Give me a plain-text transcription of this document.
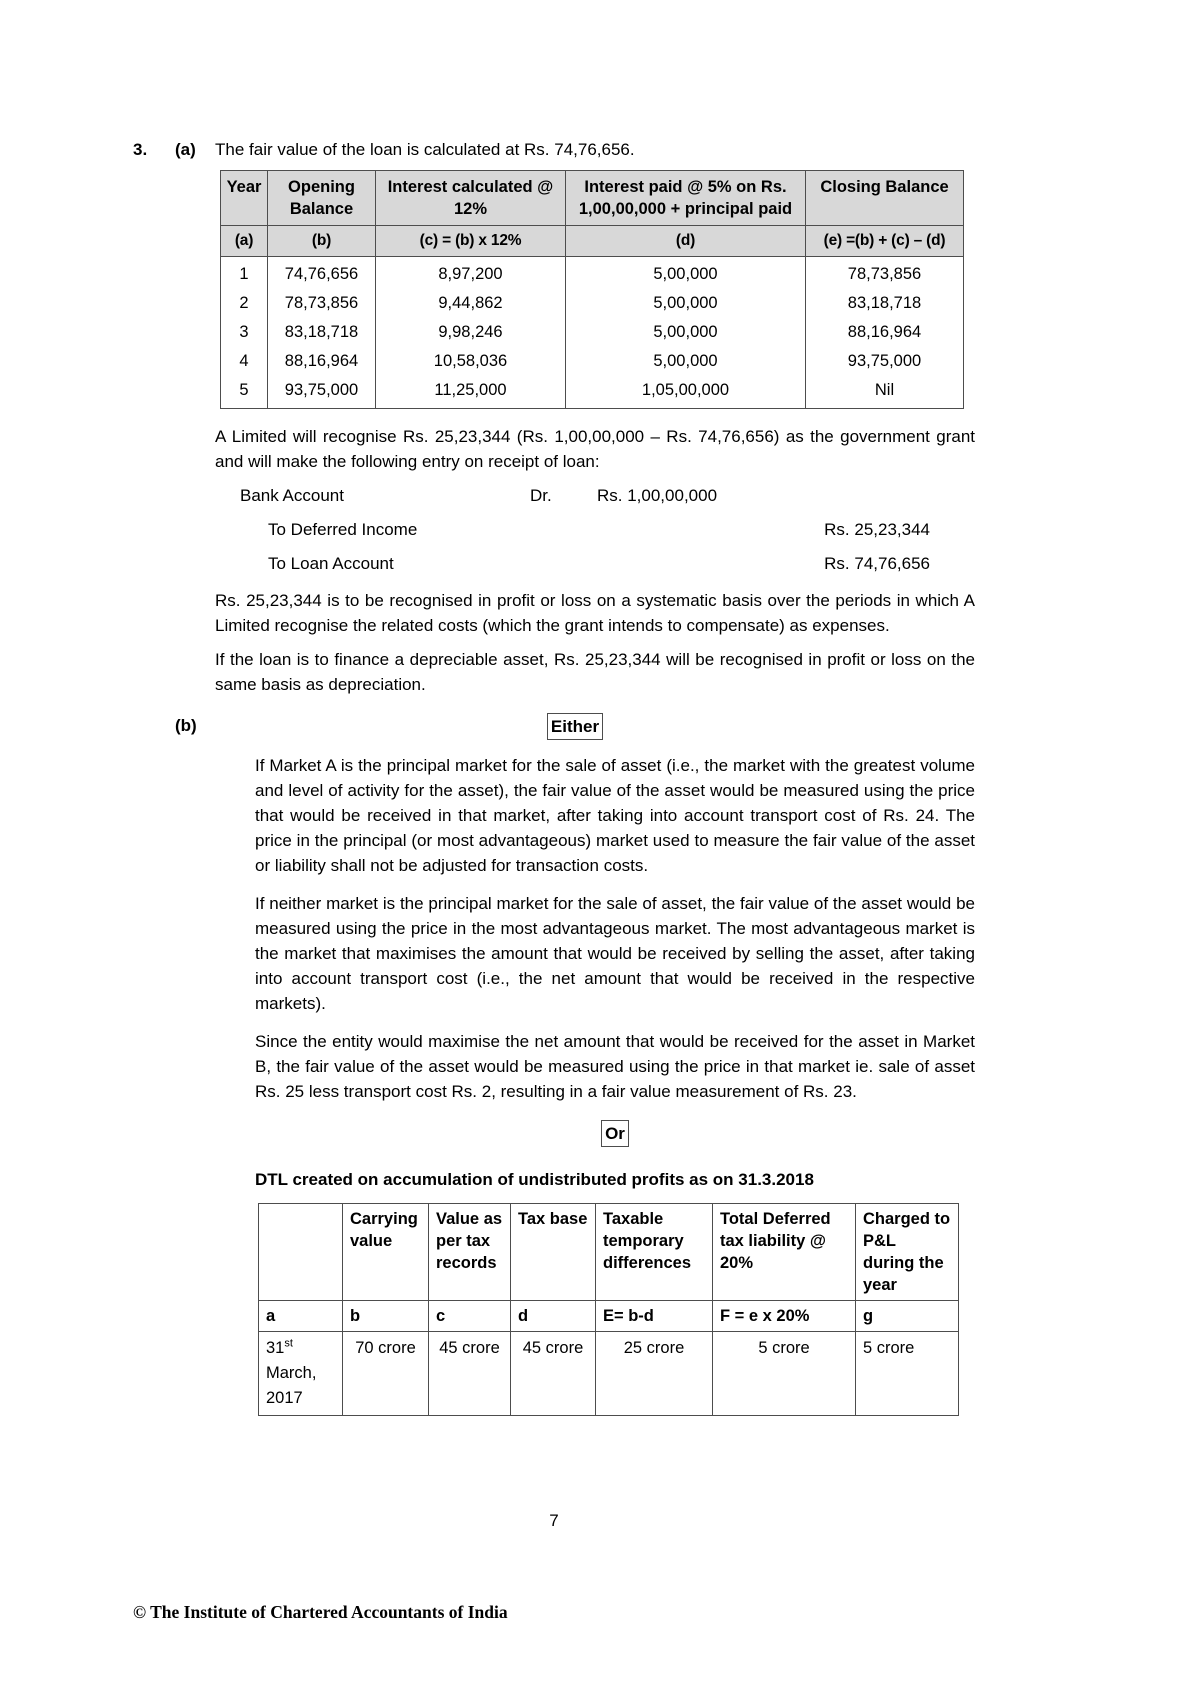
3.	(a)	The fair value of the loan is calculated at Rs. 74,76,656.
Year	Opening Balance	Interest calculated @ 12%	Interest paid @ 5% on Rs. 1,00,00,000 + principal paid	Closing Balance
(a)	(b)	(c) = (b) x 12%	(d)	(e) =(b) + (c) – (d)
1	74,76,656	8,97,200	5,00,000	78,73,856
2	78,73,856	9,44,862	5,00,000	83,18,718
3	83,18,718	9,98,246	5,00,000	88,16,964
4	88,16,964	10,58,036	5,00,000	93,75,000
5	93,75,000	11,25,000	1,05,00,000	Nil
A Limited will recognise Rs. 25,23,344 (Rs. 1,00,00,000 – Rs. 74,76,656) as the government grant and will make the following entry on receipt of loan:
Bank Account	Dr.	Rs. 1,00,00,000
To Deferred Income	Rs. 25,23,344
To Loan Account	Rs. 74,76,656
Rs. 25,23,344 is to be recognised in profit or loss on a systematic basis over the periods in which A Limited recognise the related costs (which the grant intends to compensate) as expenses.
If the loan is to finance a depreciable asset, Rs. 25,23,344 will be recognised in profit or loss on the same basis as depreciation.
(b)	Either
If Market A is the principal market for the sale of asset (i.e., the market with the greatest volume and level of activity for the asset), the fair value of the asset would be measured using the price that would be received in that market, after taking into account transport cost of Rs. 24. The price in the principal (or most advantageous) market used to measure the fair value of the asset or liability shall not be adjusted for transaction costs.
If neither market is the principal market for the sale of asset, the fair value of the asset would be measured using the price in the most advantageous market. The most advantageous market is the market that maximises the amount that would be received by selling the asset, after taking into account transport cost (i.e., the net amount that would be received in the respective markets).
Since the entity would maximise the net amount that would be received for the asset in Market B, the fair value of the asset would be measured using the price in that market ie. sale of asset Rs. 25 less transport cost Rs. 2, resulting in a fair value measurement of Rs. 23.
Or
DTL created on accumulation of undistributed profits as on 31.3.2018
	Carrying value	Value as per tax records	Tax base	Taxable temporary differences	Total Deferred tax liability @ 20%	Charged to P&L during the year
a	b	c	d	E= b-d	F = e x 20%	g
31st March, 2017	70 crore	45 crore	45 crore	25 crore	5 crore	5 crore
7
© The Institute of Chartered Accountants of India
